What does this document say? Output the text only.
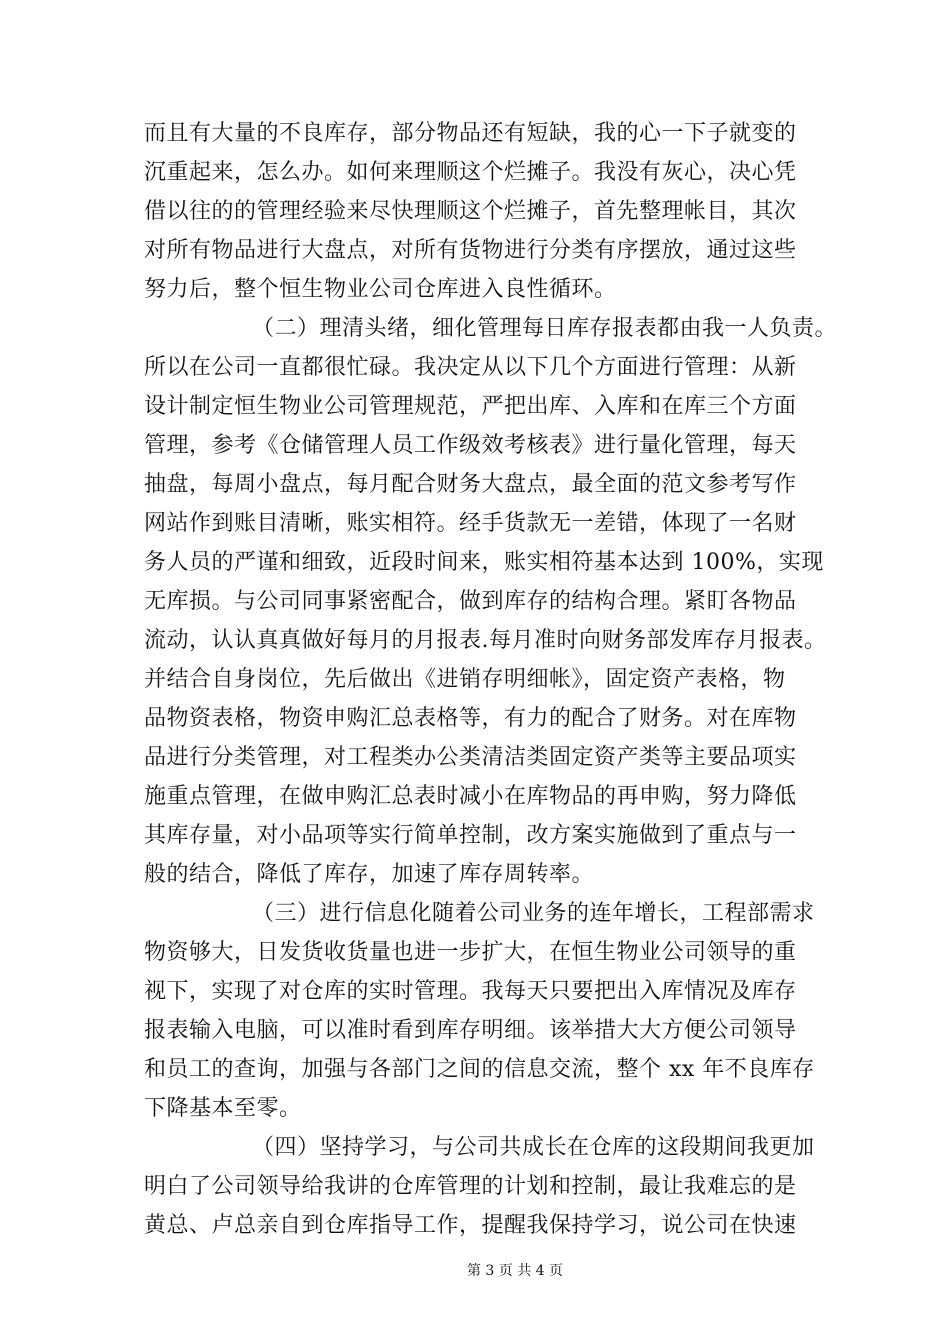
而且有大量的不良库存，部分物品还有短缺，我的心一下子就变的
沉重起来，怎么办。如何来理顺这个烂摊子。我没有灰心，决心凭
借以往的的管理经验来尽快理顺这个烂摊子，首先整理帐目，其次
对所有物品进行大盘点，对所有货物进行分类有序摆放，通过这些
努力后，整个恒生物业公司仓库进入良性循环。
（二）理清头绪，细化管理每日库存报表都由我一人负责。
所以在公司一直都很忙碌。我决定从以下几个方面进行管理：从新
设计制定恒生物业公司管理规范，严把出库、入库和在库三个方面
管理，参考《仓储管理人员工作级效考核表》进行量化管理，每天
抽盘，每周小盘点，每月配合财务大盘点，最全面的范文参考写作
网站作到账目清晰，账实相符。经手货款无一差错，体现了一名财
务人员的严谨和细致，近段时间来，账实相符基本达到 100%，实现
无库损。与公司同事紧密配合，做到库存的结构合理。紧盯各物品
流动，认认真真做好每月的月报表.每月准时向财务部发库存月报表。
并结合自身岗位，先后做出《进销存明细帐》，固定资产表格，物
品物资表格，物资申购汇总表格等，有力的配合了财务。对在库物
品进行分类管理，对工程类办公类清洁类固定资产类等主要品项实
施重点管理，在做申购汇总表时减小在库物品的再申购，努力降低
其库存量，对小品项等实行简单控制，改方案实施做到了重点与一
般的结合，降低了库存，加速了库存周转率。
（三）进行信息化随着公司业务的连年增长，工程部需求
物资够大，日发货收货量也进一步扩大，在恒生物业公司领导的重
视下，实现了对仓库的实时管理。我每天只要把出入库情况及库存
报表输入电脑，可以准时看到库存明细。该举措大大方便公司领导
和员工的查询，加强与各部门之间的信息交流，整个 xx 年不良库存
下降基本至零。
（四）坚持学习，与公司共成长在仓库的这段期间我更加
明白了公司领导给我讲的仓库管理的计划和控制，最让我难忘的是
黄总、卢总亲自到仓库指导工作，提醒我保持学习，说公司在快速
第 3 页 共 4 页
